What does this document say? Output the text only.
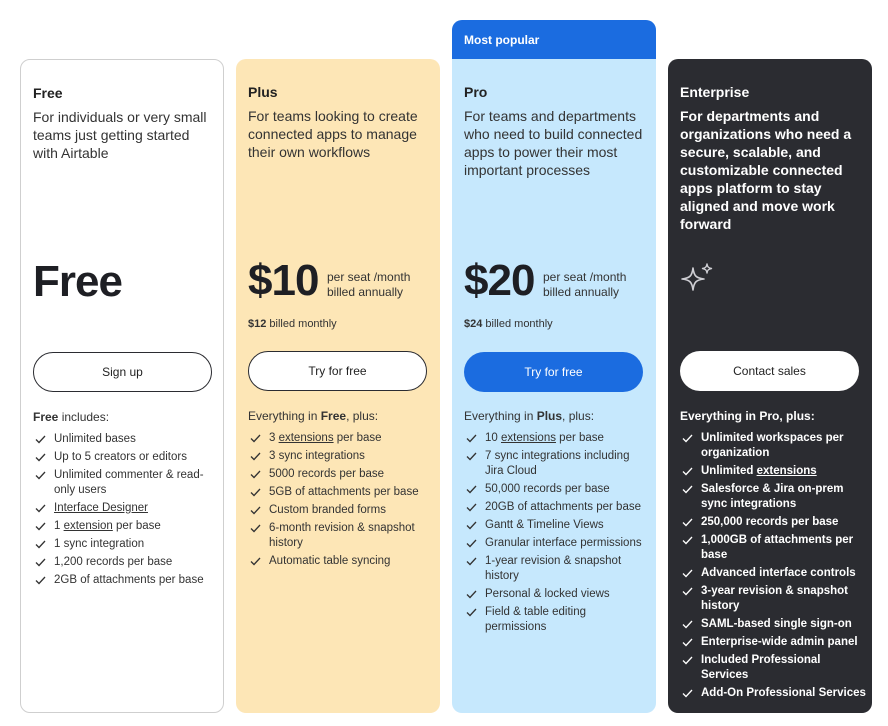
Free
For individuals or very small teams just getting started with Airtable
Free
Sign up
Free includes:
Unlimited bases
Up to 5 creators or editors
Unlimited commenter & read-only users
Interface Designer
1 extension per base
1 sync integration
1,200 records per base
2GB of attachments per base
Plus
For teams looking to create connected apps to manage their own workflows
$10 per seat /month
billed annually
$12 billed monthly
Try for free
Everything in Free, plus:
3 extensions per base
3 sync integrations
5000 records per base
5GB of attachments per base
Custom branded forms
6-month revision & snapshot history
Automatic table syncing
Most popular
Pro
For teams and departments who need to build connected apps to power their most important processes
$20 per seat /month
billed annually
$24 billed monthly
Try for free
Everything in Plus, plus:
10 extensions per base
7 sync integrations including Jira Cloud
50,000 records per base
20GB of attachments per base
Gantt & Timeline Views
Granular interface permissions
1-year revision & snapshot history
Personal & locked views
Field & table editing permissions
Enterprise
For departments and organizations who need a secure, scalable, and customizable connected apps platform to stay aligned and move work forward
Contact sales
Everything in Pro, plus:
Unlimited workspaces per organization
Unlimited extensions
Salesforce & Jira on-prem sync integrations
250,000 records per base
1,000GB of attachments per base
Advanced interface controls
3-year revision & snapshot history
SAML-based single sign-on
Enterprise-wide admin panel
Included Professional Services
Add-On Professional Services
